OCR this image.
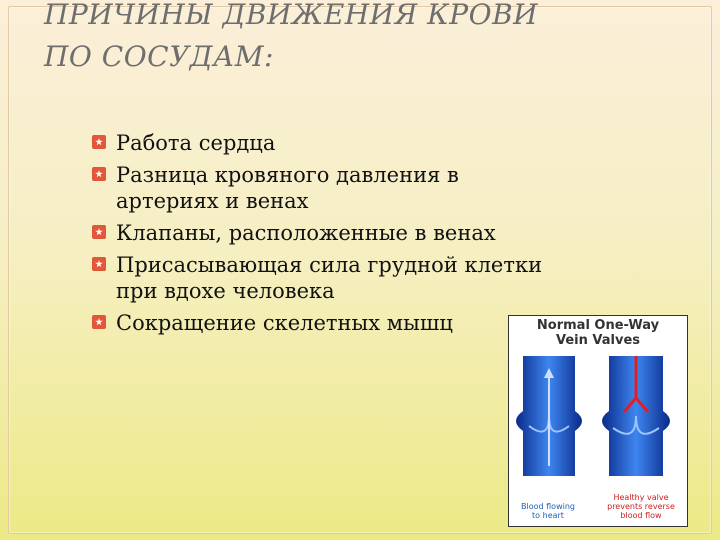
ПРИЧИНЫ ДВИЖЕНИЯ КРОВИ
ПО СОСУДАМ:
Работа сердца
Разница кровяного давления в
артериях и венах
Клапаны, расположенные в венах
Присасывающая сила грудной клетки
при вдохе человека
Сокращение скелетных мышц	Normal One-Way
Vein Valves
Blood flowing
to heart
Healthy valve
prevents reverse
blood flow
